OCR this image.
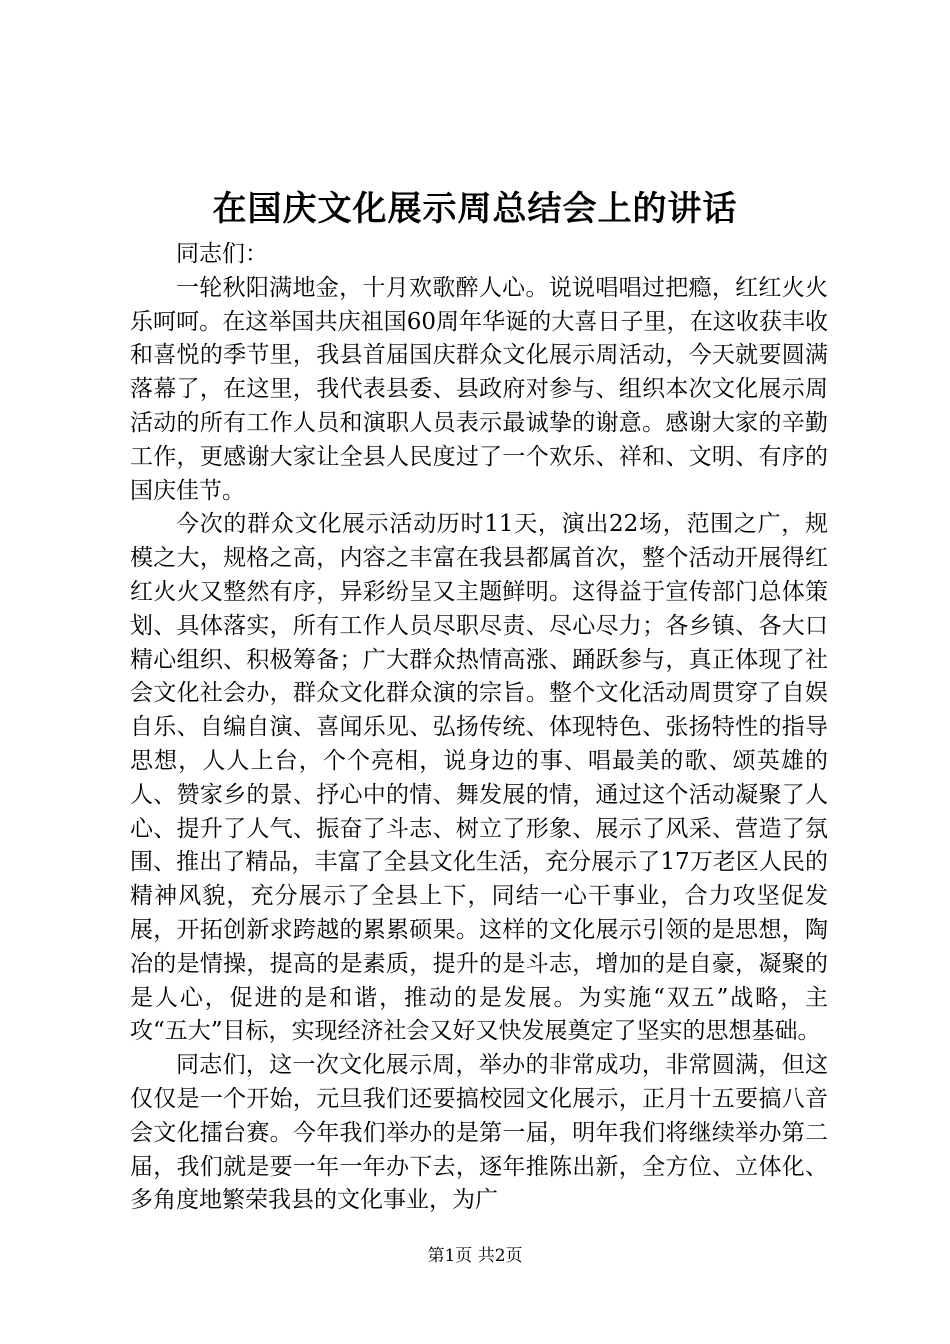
在国庆文化展示周总结会上的讲话

同志们：

一轮秋阳满地金，十月欢歌醉人心。说说唱唱过把瘾，红红火火乐呵呵。在这举国共庆祖国60周年华诞的大喜日子里，在这收获丰收和喜悦的季节里，我县首届国庆群众文化展示周活动，今天就要圆满落幕了，在这里，我代表县委、县政府对参与、组织本次文化展示周活动的所有工作人员和演职人员表示最诚挚的谢意。感谢大家的辛勤工作，更感谢大家让全县人民度过了一个欢乐、祥和、文明、有序的国庆佳节。

今次的群众文化展示活动历时11天，演出22场，范围之广，规模之大，规格之高，内容之丰富在我县都属首次，整个活动开展得红红火火又整然有序，异彩纷呈又主题鲜明。这得益于宣传部门总体策划、具体落实，所有工作人员尽职尽责、尽心尽力；各乡镇、各大口精心组织、积极筹备；广大群众热情高涨、踊跃参与，真正体现了社会文化社会办，群众文化群众演的宗旨。整个文化活动周贯穿了自娱自乐、自编自演、喜闻乐见、弘扬传统、体现特色、张扬特性的指导思想，人人上台，个个亮相，说身边的事、唱最美的歌、颂英雄的人、赞家乡的景、抒心中的情、舞发展的情，通过这个活动凝聚了人心、提升了人气、振奋了斗志、树立了形象、展示了风采、营造了氛围、推出了精品，丰富了全县文化生活，充分展示了17万老区人民的精神风貌，充分展示了全县上下，同结一心干事业，合力攻坚促发展，开拓创新求跨越的累累硕果。这样的文化展示引领的是思想，陶冶的是情操，提高的是素质，提升的是斗志，增加的是自豪，凝聚的是人心，促进的是和谐，推动的是发展。为实施“双五”战略，主攻“五大”目标，实现经济社会又好又快发展奠定了坚实的思想基础。

同志们，这一次文化展示周，举办的非常成功，非常圆满，但这仅仅是一个开始，元旦我们还要搞校园文化展示，正月十五要搞八音会文化擂台赛。今年我们举办的是第一届，明年我们将继续举办第二届，我们就是要一年一年办下去，逐年推陈出新，全方位、立体化、多角度地繁荣我县的文化事业，为广

第1页 共2页
